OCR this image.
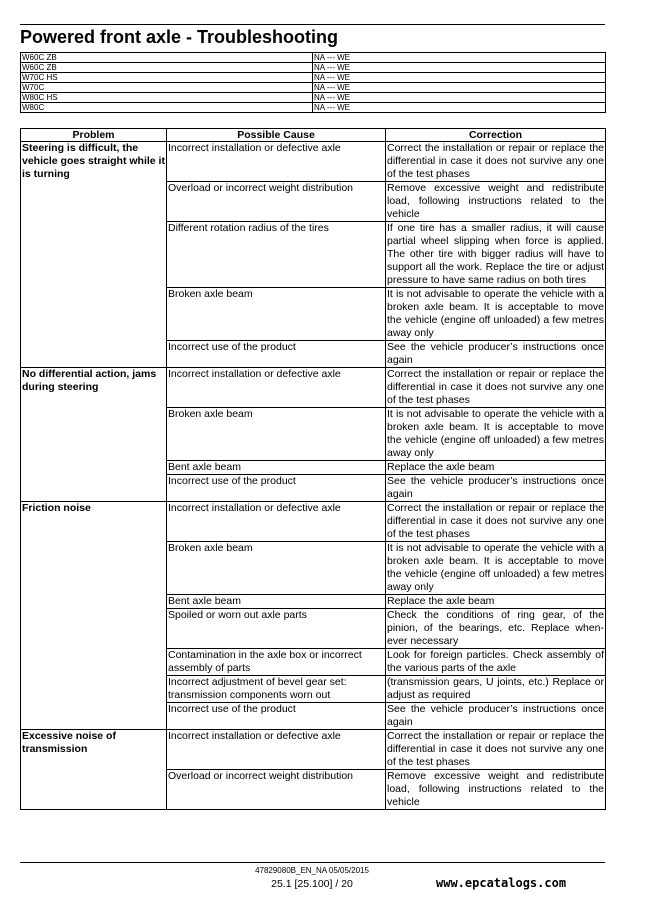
Powered front axle - Troubleshooting
W60C ZB	NA --- WE
W60C ZB	NA --- WE
W70C HS	NA --- WE
W70C	NA --- WE
W80C HS	NA --- WE
W80C	NA --- WE
Problem	Possible Cause	Correction
Steering is difficult, the vehicle goes straight while it is turning	Incorrect installation or defective axle	Correct the installation or repair or replace the differential in case it does not survive any one of the test phases
	Overload or incorrect weight distribution	Remove excessive weight and redistribute load, following instructions related to the vehicle
	Different rotation radius of the tires	If one tire has a smaller radius, it will cause partial wheel slipping when force is applied. The other tire with bigger radius will have to support all the work. Replace the tire or adjust pressure to have same radius on both tires
	Broken axle beam	It is not advisable to operate the vehicle with a broken axle beam. It is acceptable to move the vehicle (engine off unloaded) a few metres away only
	Incorrect use of the product	See the vehicle producer’s instructions once again
No differential action, jams during steering	Incorrect installation or defective axle	Correct the installation or repair or replace the differential in case it does not survive any one of the test phases
	Broken axle beam	It is not advisable to operate the vehicle with a broken axle beam. It is acceptable to move the vehicle (engine off unloaded) a few metres away only
	Bent axle beam	Replace the axle beam
	Incorrect use of the product	See the vehicle producer’s instructions once again
Friction noise	Incorrect installation or defective axle	Correct the installation or repair or replace the differential in case it does not survive any one of the test phases
	Broken axle beam	It is not advisable to operate the vehicle with a broken axle beam. It is acceptable to move the vehicle (engine off unloaded) a few metres away only
	Bent axle beam	Replace the axle beam
	Spoiled or worn out axle parts	Check the conditions of ring gear, of the pinion, of the bearings, etc. Replace when-ever necessary
	Contamination in the axle box or incorrect assembly of parts	Look for foreign particles. Check assembly of the various parts of the axle
	Incorrect adjustment of bevel gear set: transmission components worn out	(transmission gears, U joints, etc.) Replace or adjust as required
	Incorrect use of the product	See the vehicle producer’s instructions once again
Excessive noise of transmission	Incorrect installation or defective axle	Correct the installation or repair or replace the differential in case it does not survive any one of the test phases
	Overload or incorrect weight distribution	Remove excessive weight and redistribute load, following instructions related to the vehicle
47829080B_EN_NA 05/05/2015
25.1 [25.100] / 20	www.epcatalogs.com
